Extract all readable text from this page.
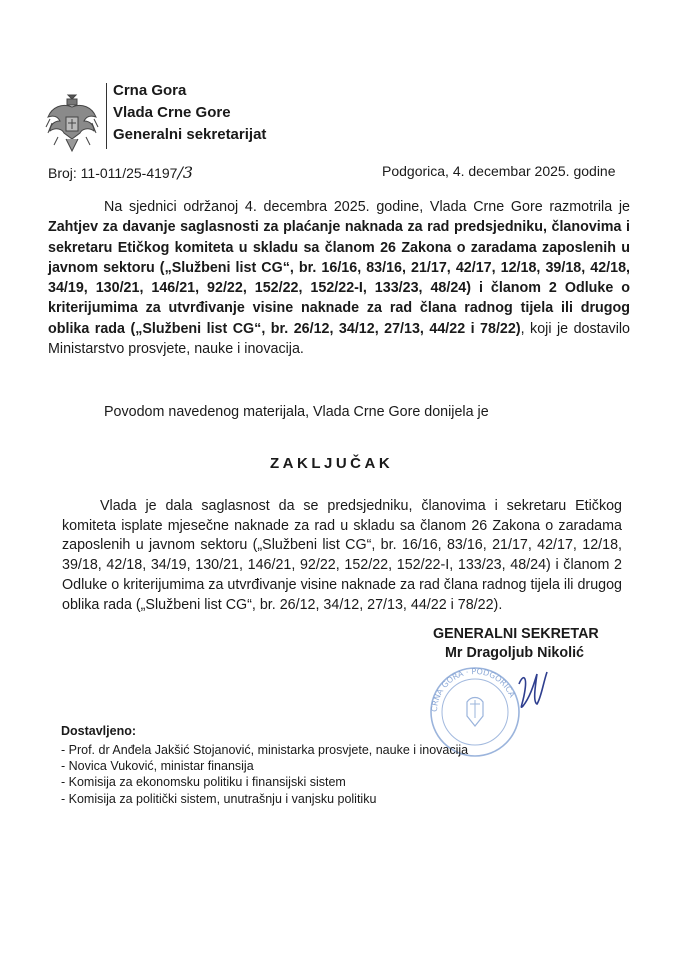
Crna Gora
Vlada Crne Gore
Generalni sekretarijat
Broj: 11-011/25-4197/3	Podgorica, 4. decembar 2025. godine
Na sjednici održanoj 4. decembra 2025. godine, Vlada Crne Gore razmotrila je Zahtjev za davanje saglasnosti za plaćanje naknada za rad predsjedniku, članovima i sekretaru Etičkog komiteta u skladu sa članom 26 Zakona o zaradama zaposlenih u javnom sektoru („Službeni list CG“, br. 16/16, 83/16, 21/17, 42/17, 12/18, 39/18, 42/18, 34/19, 130/21, 146/21, 92/22, 152/22, 152/22-I, 133/23, 48/24) i članom 2 Odluke o kriterijumima za utvrđivanje visine naknade za rad člana radnog tijela ili drugog oblika rada („Službeni list CG“, br. 26/12, 34/12, 27/13, 44/22 i 78/22), koji je dostavilo Ministarstvo prosvjete, nauke i inovacija.
Povodom navedenog materijala, Vlada Crne Gore donijela je
ZAKLJUČAK
Vlada je dala saglasnost da se predsjedniku, članovima i sekretaru Etičkog komiteta isplate mjesečne naknade za rad u skladu sa članom 26 Zakona o zaradama zaposlenih u javnom sektoru („Službeni list CG“, br. 16/16, 83/16, 21/17, 42/17, 12/18, 39/18, 42/18, 34/19, 130/21, 146/21, 92/22, 152/22, 152/22-I, 133/23, 48/24) i članom 2 Odluke o kriterijumima za utvrđivanje visine naknade za rad člana radnog tijela ili drugog oblika rada („Službeni list CG“, br. 26/12, 34/12, 27/13, 44/22 i 78/22).
CRNA GORA · PODGORICA
GENERALNI SEKRETAR
Mr Dragoljub Nikolić
Dostavljeno:
- Prof. dr Anđela Jakšić Stojanović, ministarka prosvjete, nauke i inovacija
- Novica Vuković, ministar finansija
- Komisija za ekonomsku politiku i finansijski sistem
- Komisija za politički sistem, unutrašnju i vanjsku politiku
